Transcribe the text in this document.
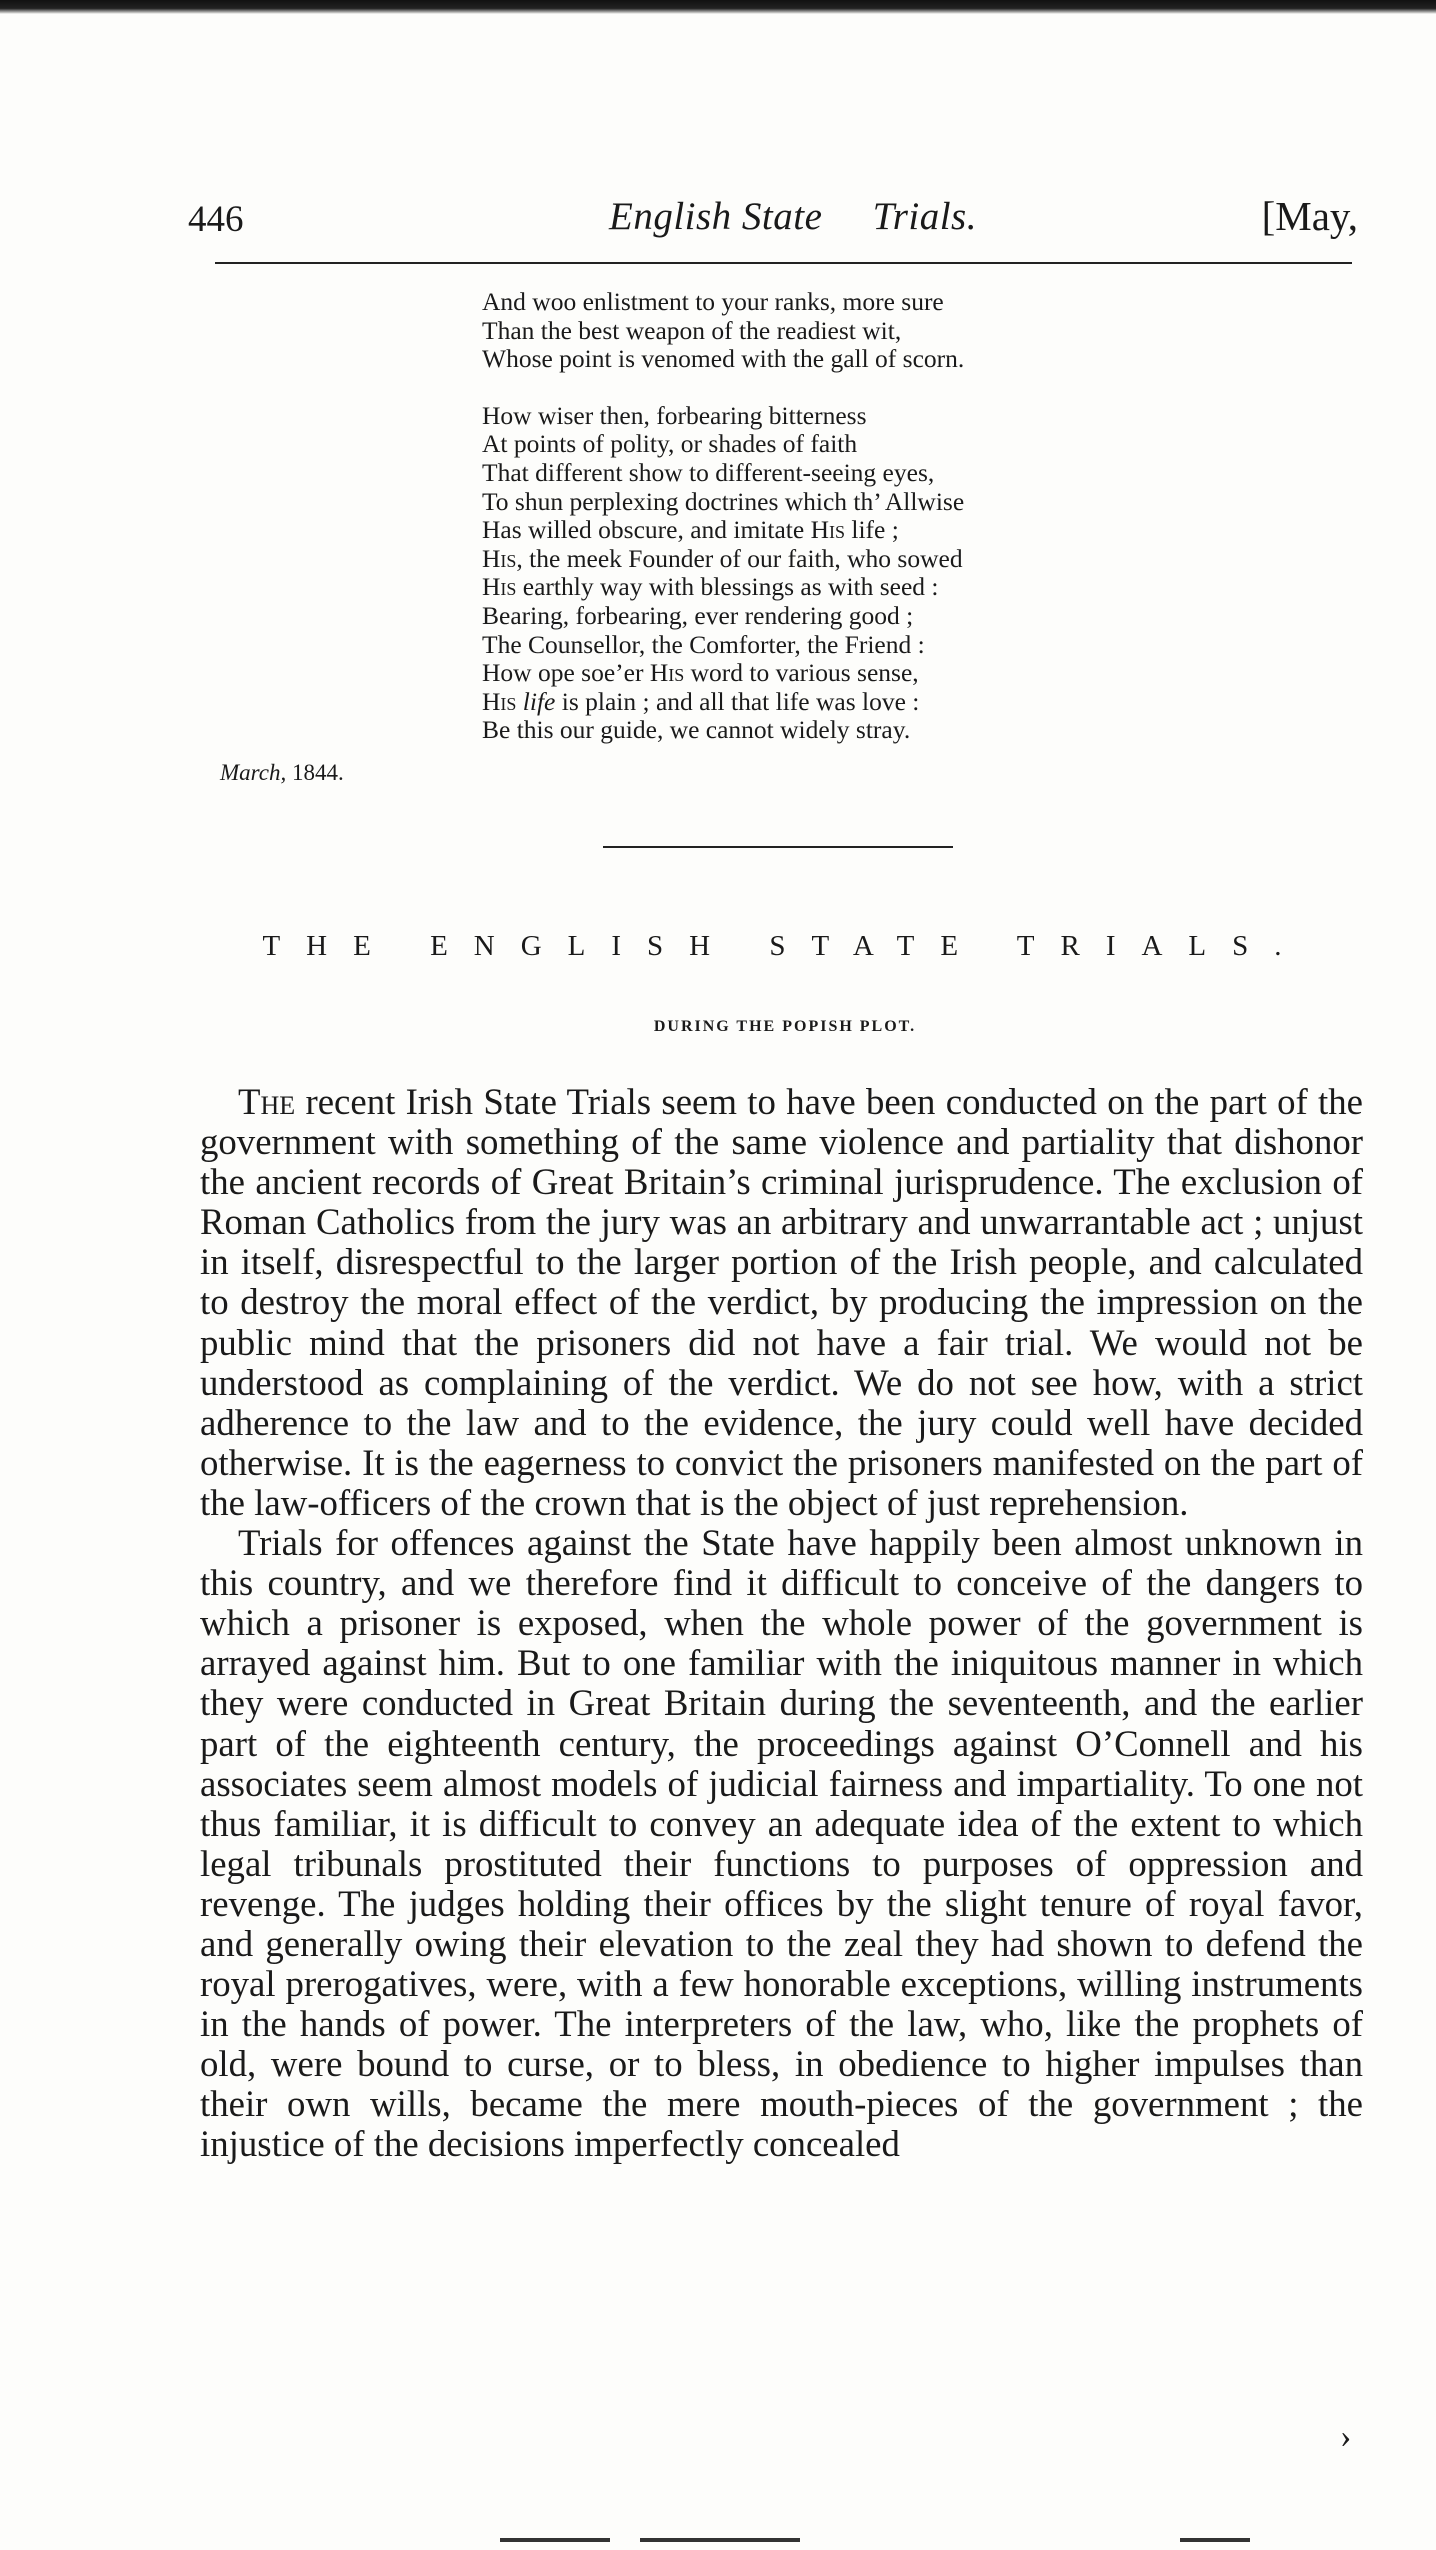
446	English State Trials.	[May,
And woo enlistment to your ranks, more sure
Than the best weapon of the readiest wit,
Whose point is venomed with the gall of scorn.
How wiser then, forbearing bitterness
At points of polity, or shades of faith
That different show to different-seeing eyes,
To shun perplexing doctrines which th’ Allwise
Has willed obscure, and imitate His life ;
His, the meek Founder of our faith, who sowed
His earthly way with blessings as with seed :
Bearing, forbearing, ever rendering good ;
The Counsellor, the Comforter, the Friend :
How ope soe’er His word to various sense,
His life is plain ; and all that life was love :
Be this our guide, we cannot widely stray.
March, 1844.
THE ENGLISH STATE TRIALS.
DURING THE POPISH PLOT.

The recent Irish State Trials seem to have been conducted on the part of the government with something of the same violence and partiality that dishonor the ancient records of Great Britain’s criminal jurisprudence. The exclusion of Roman Catholics from the jury was an arbitrary and unwarrantable act ; unjust in itself, disrespectful to the larger portion of the Irish people, and calculated to destroy the moral effect of the verdict, by producing the impression on the public mind that the prisoners did not have a fair trial. We would not be understood as complaining of the verdict. We do not see how, with a strict adherence to the law and to the evidence, the jury could well have decided otherwise. It is the eagerness to convict the prisoners manifested on the part of the law-officers of the crown that is the object of just reprehension.

Trials for offences against the State have happily been almost unknown in this country, and we therefore find it difficult to conceive of the dangers to which a prisoner is exposed, when the whole power of the government is arrayed against him. But to one familiar with the iniquitous manner in which they were conducted in Great Britain during the seventeenth, and the earlier part of the eighteenth century, the proceedings against O’Connell and his associates seem almost models of judicial fairness and impartiality. To one not thus familiar, it is difficult to convey an adequate idea of the extent to which legal tribunals prostituted their functions to purposes of oppression and revenge. The judges holding their offices by the slight tenure of royal favor, and generally owing their elevation to the zeal they had shown to defend the royal prerogatives, were, with a few honorable exceptions, willing instruments in the hands of power. The interpreters of the law, who, like the prophets of old, were bound to curse, or to bless, in obedience to higher impulses than their own wills, became the mere mouth-pieces of the government ; the injustice of the decisions imperfectly concealed

›
